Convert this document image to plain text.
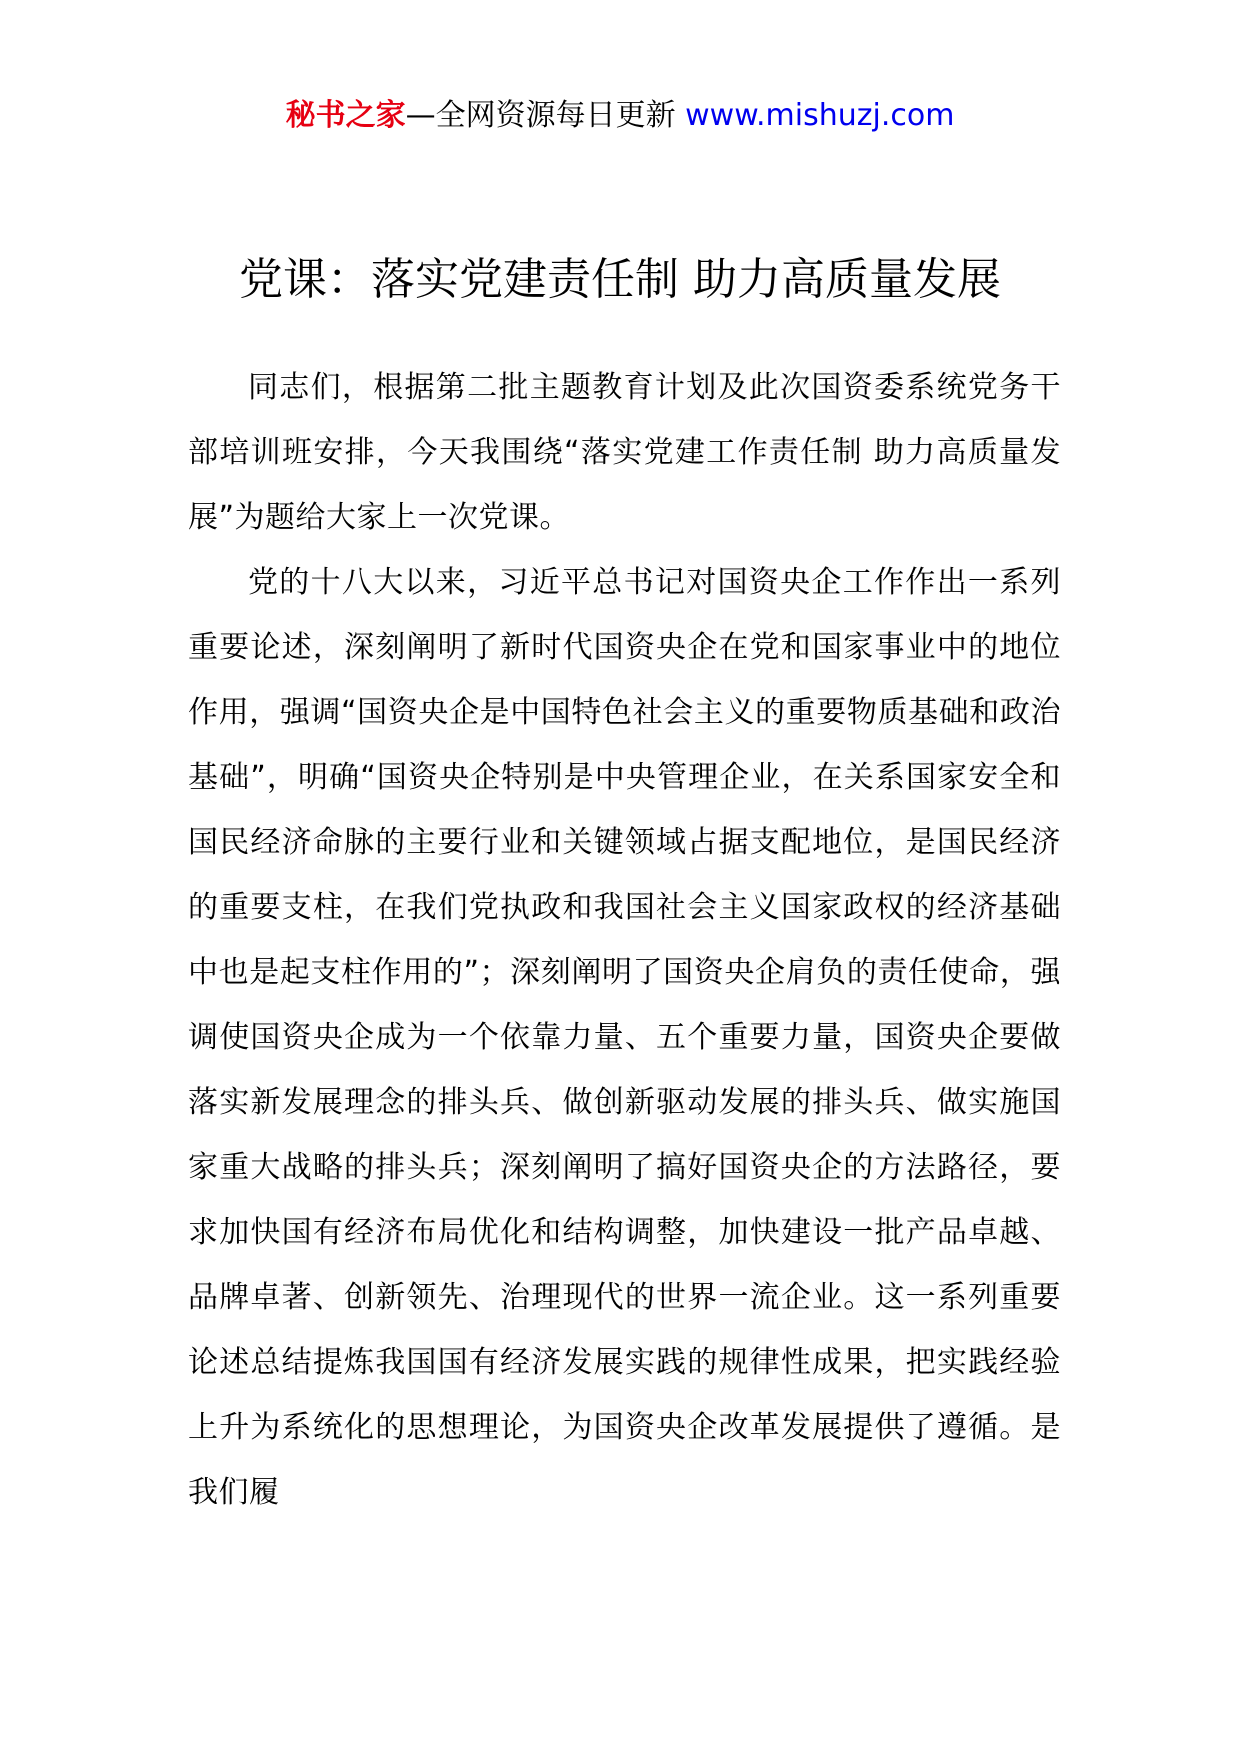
秘书之家—全网资源每日更新 www.mishuzj.com
党课：落实党建责任制 助力高质量发展

同志们，根据第二批主题教育计划及此次国资委系统党务干部培训班安排，今天我围绕“落实党建工作责任制 助力高质量发展”为题给大家上一次党课。

党的十八大以来，习近平总书记对国资央企工作作出一系列重要论述，深刻阐明了新时代国资央企在党和国家事业中的地位作用，强调“国资央企是中国特色社会主义的重要物质基础和政治基础”，明确“国资央企特别是中央管理企业，在关系国家安全和国民经济命脉的主要行业和关键领域占据支配地位，是国民经济的重要支柱，在我们党执政和我国社会主义国家政权的经济基础中也是起支柱作用的”；深刻阐明了国资央企肩负的责任使命，强调使国资央企成为一个依靠力量、五个重要力量，国资央企要做落实新发展理念的排头兵、做创新驱动发展的排头兵、做实施国家重大战略的排头兵；深刻阐明了搞好国资央企的方法路径，要求加快国有经济布局优化和结构调整，加快建设一批产品卓越、品牌卓著、创新领先、治理现代的世界一流企业。这一系列重要论述总结提炼我国国有经济发展实践的规律性成果，把实践经验上升为系统化的思想理论，为国资央企改革发展提供了遵循。是我们履
